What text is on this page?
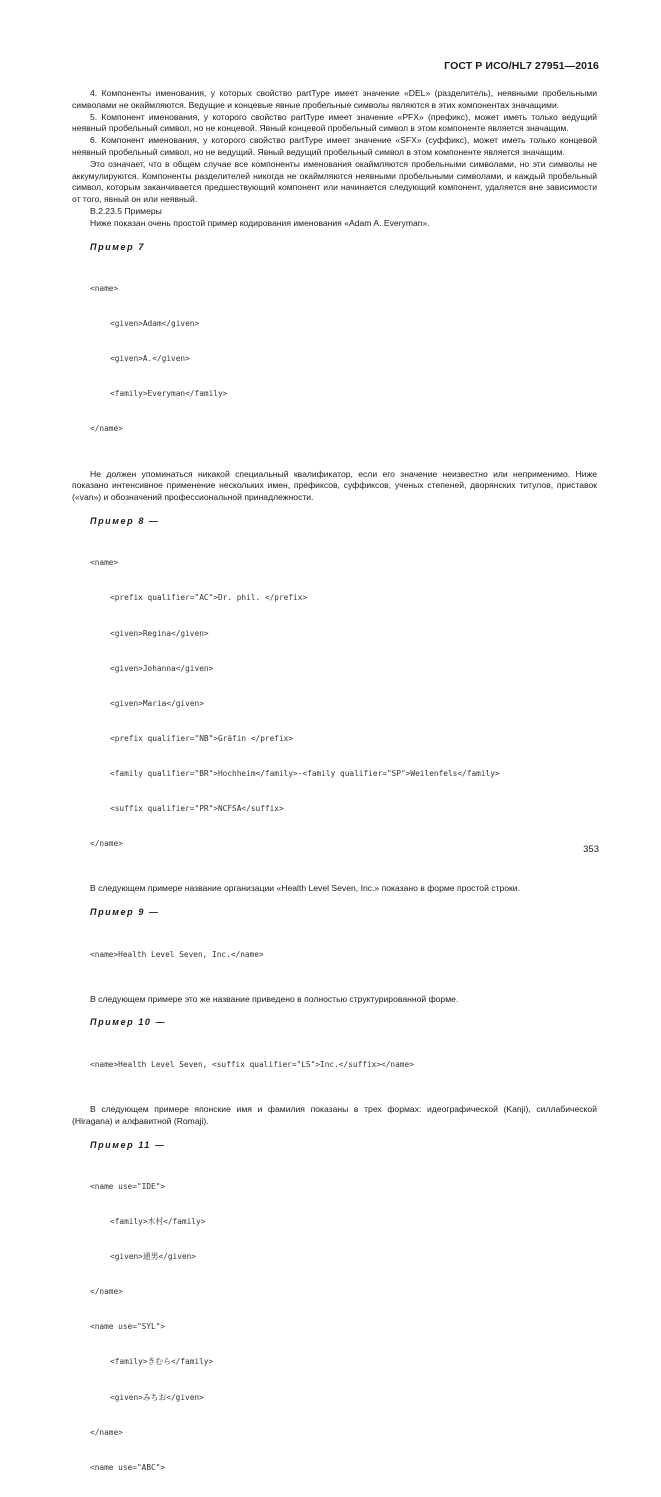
ГОСТ Р ИСО/HL7 27951—2016

4. Компоненты именования, у которых свойство partType имеет значение «DEL» (разделитель), неявными пробельными символами не окаймляются. Ведущие и концевые явные пробельные символы являются в этих компонентах значащими.

5. Компонент именования, у которого свойство partType имеет значение «PFX» (префикс), может иметь только ведущий неявный пробельный символ, но не концевой. Явный концевой пробельный символ в этом компоненте является значащим.

6. Компонент именования, у которого свойство partType имеет значение «SFX» (суффикс), может иметь только концевой неявный пробельный символ, но не ведущий. Явный ведущий пробельный символ в этом компоненте является значащим.

Это означает, что в общем случае все компоненты именования окаймляются пробельными символами, но эти символы не аккумулируются. Компоненты разделителей никогда не окаймляются неявными пробельными символами, и каждый пробельный символ, которым заканчивается предшествующий компонент или начинается следующий компонент, удаляется вне зависимости от того, явный он или неявный.

В.2.23.5 Примеры

Ниже показан очень простой пример кодирования именования «Adam A. Everyman».

Пример 7

<name>

<given>Adam</given>

<given>A.</given>

<family>Everyman</family>

</name>

Не должен упоминаться никакой специальный квалификатор, если его значение неизвестно или неприменимо. Ниже показано интенсивное применение нескольких имен, префиксов, суффиксов, ученых степеней, дворянских титулов, приставок («van») и обозначений профессиональной принадлежности.

Пример 8 —

<name>

<prefix qualifier="AC">Dr. phil. </prefix>

<given>Regina</given>

<given>Johanna</given>

<given>Maria</given>

<prefix qualifier="NB">Gräfin </prefix>

<family qualifier="BR">Hochheim</family>-<family qualifier="SP">Weilenfels</family>

<suffix qualifier="PR">NCFSA</suffix>

</name>

В следующем примере название организации «Health Level Seven, Inc.» показано в форме простой строки.

Пример 9 —

<name>Health Level Seven, Inc.</name>

В следующем примере это же название приведено в полностью структурированной форме.

Пример 10 —

<name>Health Level Seven, <suffix qualifier="LS">Inc.</suffix></name>

В следующем примере японские имя и фамилия показаны в трех формах: идеографической (Kanji), силлабической (Hiragana) и алфавитной (Romaji).

Пример 11 —

<name use="IDE">

<family>木村</family>

<given>通男</given>

</name>

<name use="SYL">

<family>きむら</family>

<given>みちお</given>

</name>

<name use="ABC">

353
